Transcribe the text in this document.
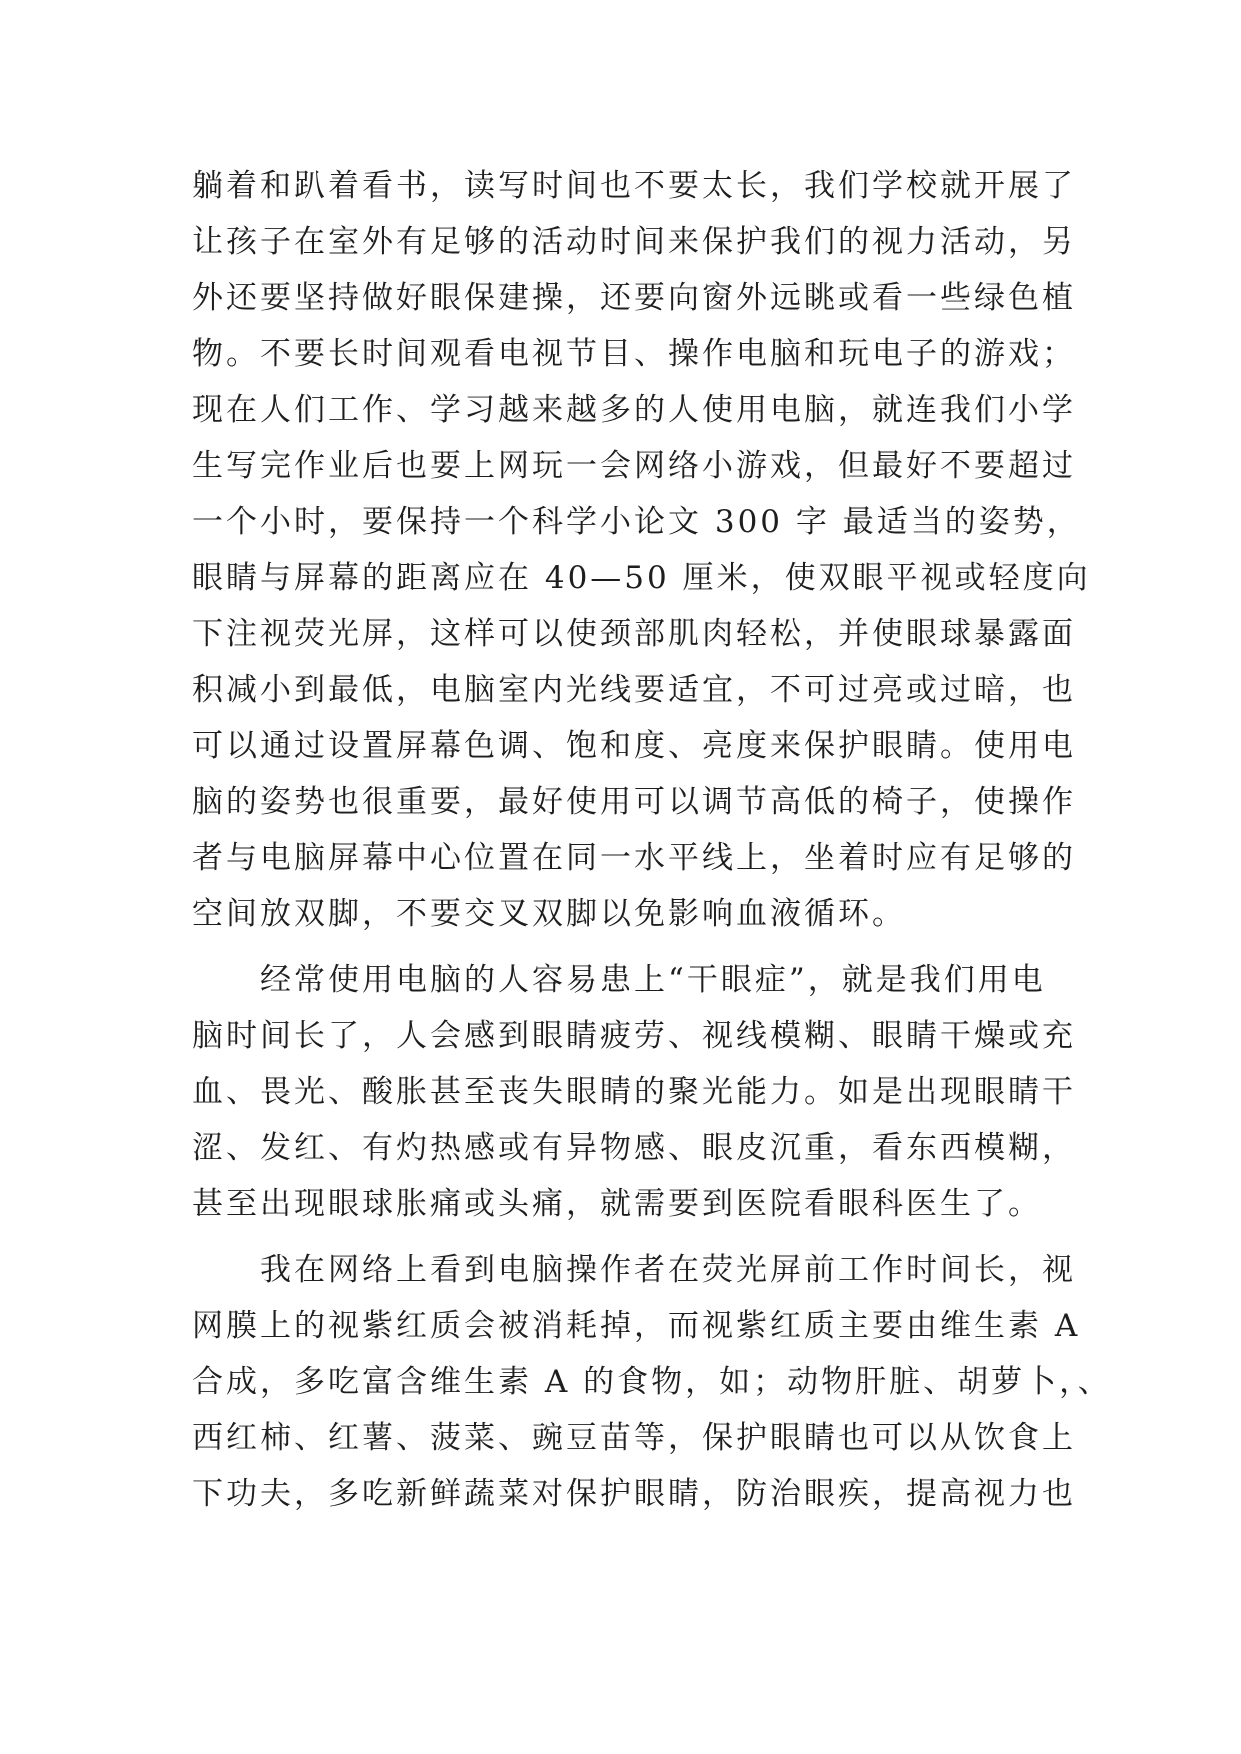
躺着和趴着看书，读写时间也不要太长，我们学校就开展了
让孩子在室外有足够的活动时间来保护我们的视力活动，另
外还要坚持做好眼保建操，还要向窗外远眺或看一些绿色植
物。不要长时间观看电视节目、操作电脑和玩电子的游戏；
现在人们工作、学习越来越多的人使用电脑，就连我们小学
生写完作业后也要上网玩一会网络小游戏，但最好不要超过
一个小时，要保持一个科学小论文 300 字 最适当的姿势，
眼睛与屏幕的距离应在 40—50 厘米，使双眼平视或轻度向
下注视荧光屏，这样可以使颈部肌肉轻松，并使眼球暴露面
积减小到最低，电脑室内光线要适宜，不可过亮或过暗，也
可以通过设置屏幕色调、饱和度、亮度来保护眼睛。使用电
脑的姿势也很重要，最好使用可以调节高低的椅子，使操作
者与电脑屏幕中心位置在同一水平线上，坐着时应有足够的
空间放双脚，不要交叉双脚以免影响血液循环。
　　经常使用电脑的人容易患上“干眼症”，就是我们用电
脑时间长了，人会感到眼睛疲劳、视线模糊、眼睛干燥或充
血、畏光、酸胀甚至丧失眼睛的聚光能力。如是出现眼睛干
涩、发红、有灼热感或有异物感、眼皮沉重，看东西模糊，
甚至出现眼球胀痛或头痛，就需要到医院看眼科医生了。
　　我在网络上看到电脑操作者在荧光屏前工作时间长，视
网膜上的视紫红质会被消耗掉，而视紫红质主要由维生素 A
合成，多吃富含维生素 A 的食物，如；动物肝脏、胡萝卜，、
西红柿、红薯、菠菜、豌豆苗等，保护眼睛也可以从饮食上
下功夫，多吃新鲜蔬菜对保护眼睛，防治眼疾，提高视力也
